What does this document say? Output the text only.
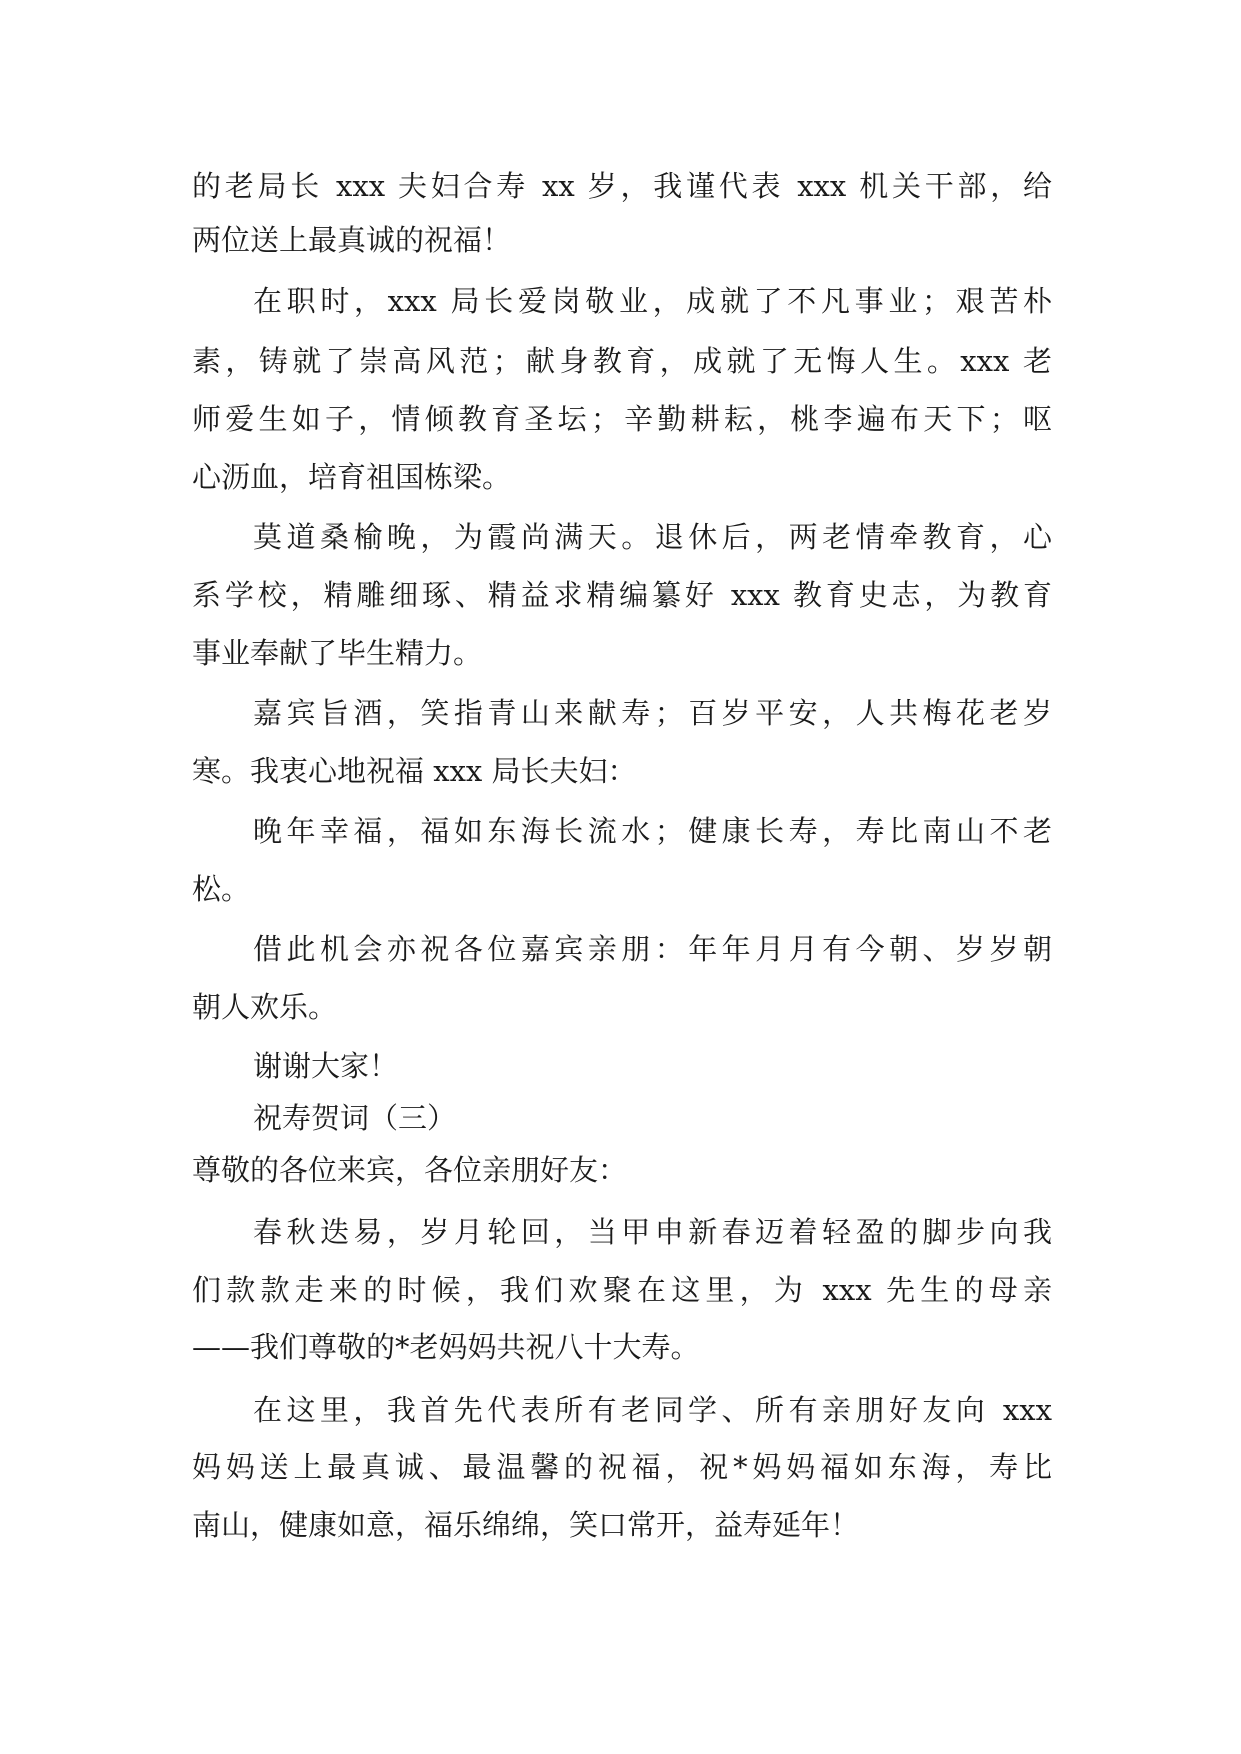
的老局长 xxx 夫妇合寿 xx 岁，我谨代表 xxx 机关干部，给
两位送上最真诚的祝福！
在职时，xxx 局长爱岗敬业，成就了不凡事业；艰苦朴
素，铸就了崇高风范；献身教育，成就了无悔人生。xxx 老
师爱生如子，情倾教育圣坛；辛勤耕耘，桃李遍布天下；呕
心沥血，培育祖国栋梁。
莫道桑榆晚，为霞尚满天。退休后，两老情牵教育，心
系学校，精雕细琢、精益求精编纂好 xxx 教育史志，为教育
事业奉献了毕生精力。
嘉宾旨酒，笑指青山来献寿；百岁平安，人共梅花老岁
寒。我衷心地祝福 xxx 局长夫妇：
晚年幸福，福如东海长流水；健康长寿，寿比南山不老
松。
借此机会亦祝各位嘉宾亲朋：年年月月有今朝、岁岁朝
朝人欢乐。
谢谢大家！
祝寿贺词（三）
尊敬的各位来宾，各位亲朋好友：
春秋迭易，岁月轮回，当甲申新春迈着轻盈的脚步向我
们款款走来的时候，我们欢聚在这里，为 xxx 先生的母亲
——我们尊敬的*老妈妈共祝八十大寿。
在这里，我首先代表所有老同学、所有亲朋好友向 xxx
妈妈送上最真诚、最温馨的祝福，祝*妈妈福如东海，寿比
南山，健康如意，福乐绵绵，笑口常开，益寿延年！
